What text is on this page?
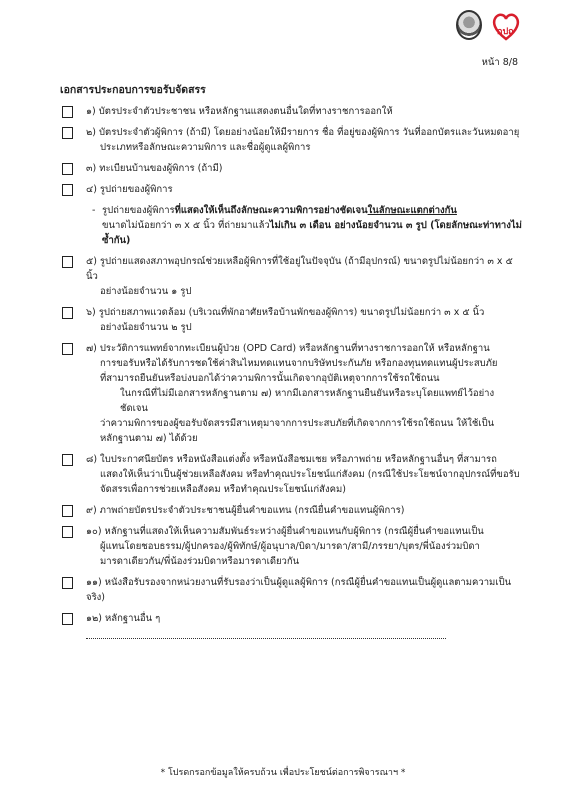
กปถ
หน้า 8/8
เอกสารประกอบการขอรับจัดสรร
๑) บัตรประจำตัวประชาชน หรือหลักฐานแสดงตนอื่นใดที่ทางราชการออกให้
๒) บัตรประจำตัวผู้พิการ (ถ้ามี) โดยอย่างน้อยให้มีรายการ ชื่อ ที่อยู่ของผู้พิการ วันที่ออกบัตรและวันหมดอายุ
ประเภทหรือลักษณะความพิการ และชื่อผู้ดูแลผู้พิการ
๓) ทะเบียนบ้านของผู้พิการ (ถ้ามี)
๔) รูปถ่ายของผู้พิการ
- รูปถ่ายของผู้พิการที่แสดงให้เห็นถึงลักษณะความพิการอย่างชัดเจนในลักษณะแตกต่างกัน
ขนาดไม่น้อยกว่า ๓ x ๕ นิ้ว ที่ถ่ายมาแล้วไม่เกิน ๓ เดือน อย่างน้อยจำนวน ๓ รูป (โดยลักษณะท่าทางไม่ซ้ำกัน)
๕) รูปถ่ายแสดงสภาพอุปกรณ์ช่วยเหลือผู้พิการที่ใช้อยู่ในปัจจุบัน (ถ้ามีอุปกรณ์) ขนาดรูปไม่น้อยกว่า ๓ x ๕ นิ้ว
อย่างน้อยจำนวน ๑ รูป
๖) รูปถ่ายสภาพแวดล้อม (บริเวณที่พักอาศัยหรือบ้านพักของผู้พิการ) ขนาดรูปไม่น้อยกว่า ๓ x ๕ นิ้ว
อย่างน้อยจำนวน ๒ รูป
๗) ประวัติการแพทย์จากทะเบียนผู้ป่วย (OPD Card) หรือหลักฐานที่ทางราชการออกให้ หรือหลักฐาน
การขอรับหรือได้รับการชดใช้ค่าสินไหมทดแทนจากบริษัทประกันภัย หรือกองทุนทดแทนผู้ประสบภัย
ที่สามารถยืนยันหรือบ่งบอกได้ว่าความพิการนั้นเกิดจากอุบัติเหตุจากการใช้รถใช้ถนน
ในกรณีที่ไม่มีเอกสารหลักฐานตาม ๗) หากมีเอกสารหลักฐานยืนยันหรือระบุโดยแพทย์ไว้อย่างชัดเจน
ว่าความพิการของผู้ขอรับจัดสรรมีสาเหตุมาจากการประสบภัยที่เกิดจากการใช้รถใช้ถนน ให้ใช้เป็น
หลักฐานตาม ๗) ได้ด้วย
๘) ใบประกาศนียบัตร หรือหนังสือแต่งตั้ง หรือหนังสือชมเชย หรือภาพถ่าย หรือหลักฐานอื่นๆ ที่สามารถ
แสดงให้เห็นว่าเป็นผู้ช่วยเหลือสังคม หรือทำคุณประโยชน์แก่สังคม (กรณีใช้ประโยชน์จากอุปกรณ์ที่ขอรับ
จัดสรรเพื่อการช่วยเหลือสังคม หรือทำคุณประโยชน์แก่สังคม)
๙) ภาพถ่ายบัตรประจำตัวประชาชนผู้ยื่นคำขอแทน (กรณียื่นคำขอแทนผู้พิการ)
๑๐) หลักฐานที่แสดงให้เห็นความสัมพันธ์ระหว่างผู้ยื่นคำขอแทนกับผู้พิการ (กรณีผู้ยื่นคำขอแทนเป็น
ผู้แทนโดยชอบธรรม/ผู้ปกครอง/ผู้พิทักษ์/ผู้อนุบาล/บิดา/มารดา/สามี/ภรรยา/บุตร/พี่น้องร่วมบิดา
มารดาเดียวกัน/พี่น้องร่วมบิดาหรือมารดาเดียวกัน
๑๑) หนังสือรับรองจากหน่วยงานที่รับรองว่าเป็นผู้ดูแลผู้พิการ (กรณีผู้ยื่นคำขอแทนเป็นผู้ดูแลตามความเป็นจริง)
๑๒) หลักฐานอื่น ๆ
* โปรดกรอกข้อมูลให้ครบถ้วน เพื่อประโยชน์ต่อการพิจารณาฯ *
